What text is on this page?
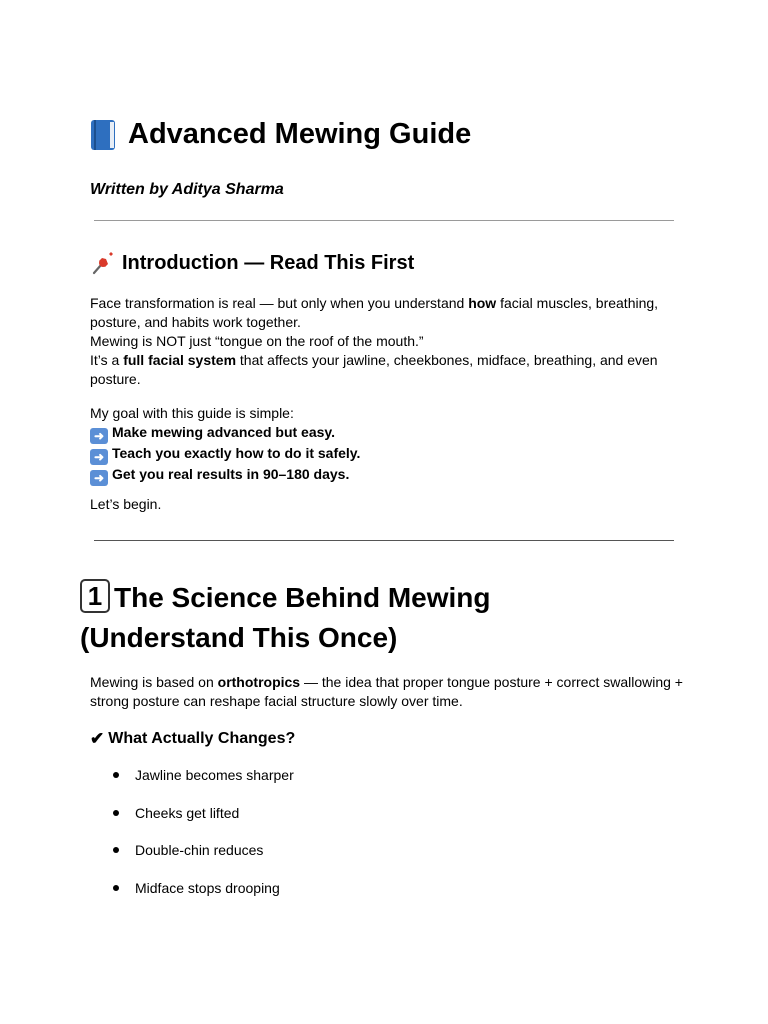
Advanced Mewing Guide
Written by Aditya Sharma
Introduction — Read This First
Face transformation is real — but only when you understand how facial muscles, breathing, posture, and habits work together.
Mewing is NOT just “tongue on the roof of the mouth.”
It’s a full facial system that affects your jawline, cheekbones, midface, breathing, and even posture.
My goal with this guide is simple:
➜ Make mewing advanced but easy.
➜ Teach you exactly how to do it safely.
➜ Get you real results in 90–180 days.
Let’s begin.
1 The Science Behind Mewing
(Understand This Once)
Mewing is based on orthotropics — the idea that proper tongue posture + correct swallowing + strong posture can reshape facial structure slowly over time.
✔ What Actually Changes?
Jawline becomes sharper
Cheeks get lifted
Double-chin reduces
Midface stops drooping
